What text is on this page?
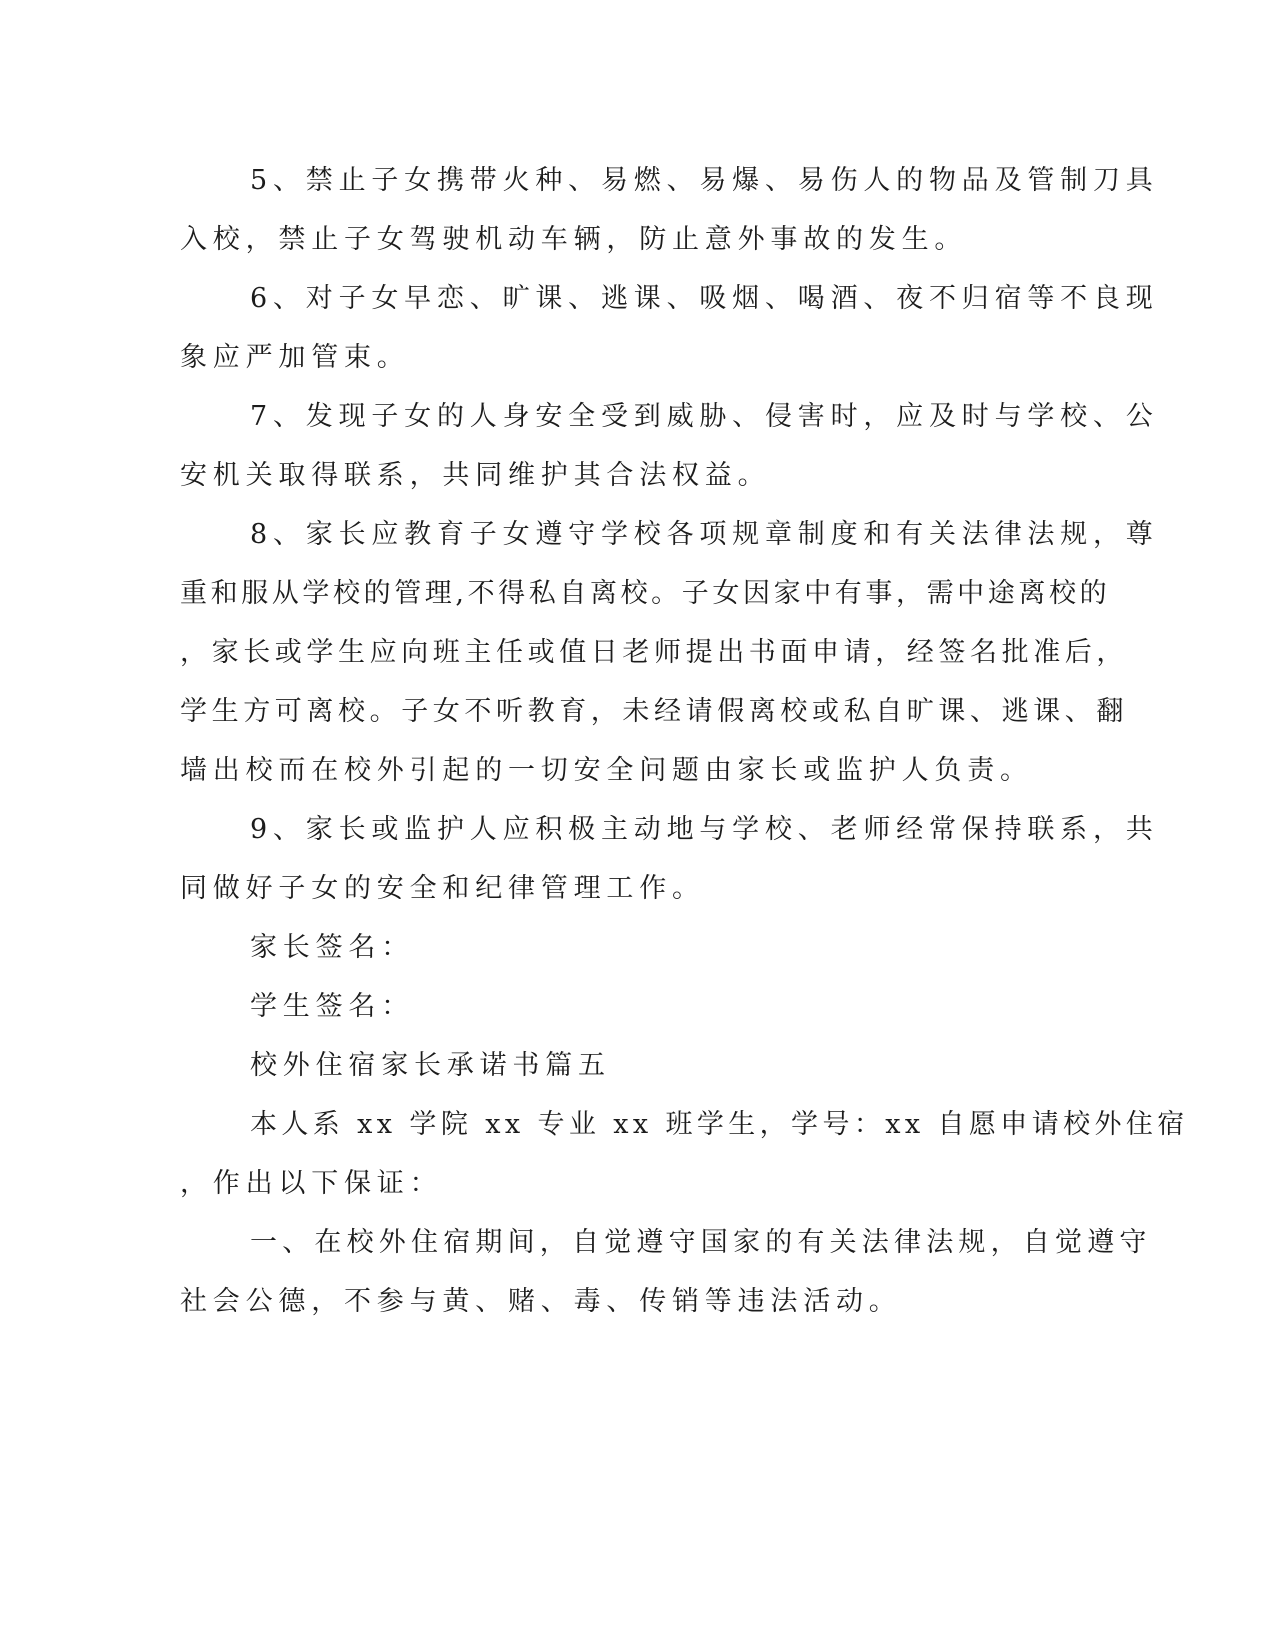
5、禁止子女携带火种、易燃、易爆、易伤人的物品及管制刀具

入校，禁止子女驾驶机动车辆，防止意外事故的发生。

6、对子女早恋、旷课、逃课、吸烟、喝酒、夜不归宿等不良现

象应严加管束。

7、发现子女的人身安全受到威胁、侵害时，应及时与学校、公

安机关取得联系，共同维护其合法权益。

8、家长应教育子女遵守学校各项规章制度和有关法律法规，尊

重和服从学校的管理,不得私自离校。子女因家中有事，需中途离校的

，家长或学生应向班主任或值日老师提出书面申请，经签名批准后，

学生方可离校。子女不听教育，未经请假离校或私自旷课、逃课、翻

墙出校而在校外引起的一切安全问题由家长或监护人负责。

9、家长或监护人应积极主动地与学校、老师经常保持联系，共

同做好子女的安全和纪律管理工作。

家长签名：

学生签名：

校外住宿家长承诺书篇五

本人系 xx 学院 xx 专业 xx 班学生，学号：xx 自愿申请校外住宿

，作出以下保证：

一、在校外住宿期间，自觉遵守国家的有关法律法规，自觉遵守

社会公德，不参与黄、赌、毒、传销等违法活动。
